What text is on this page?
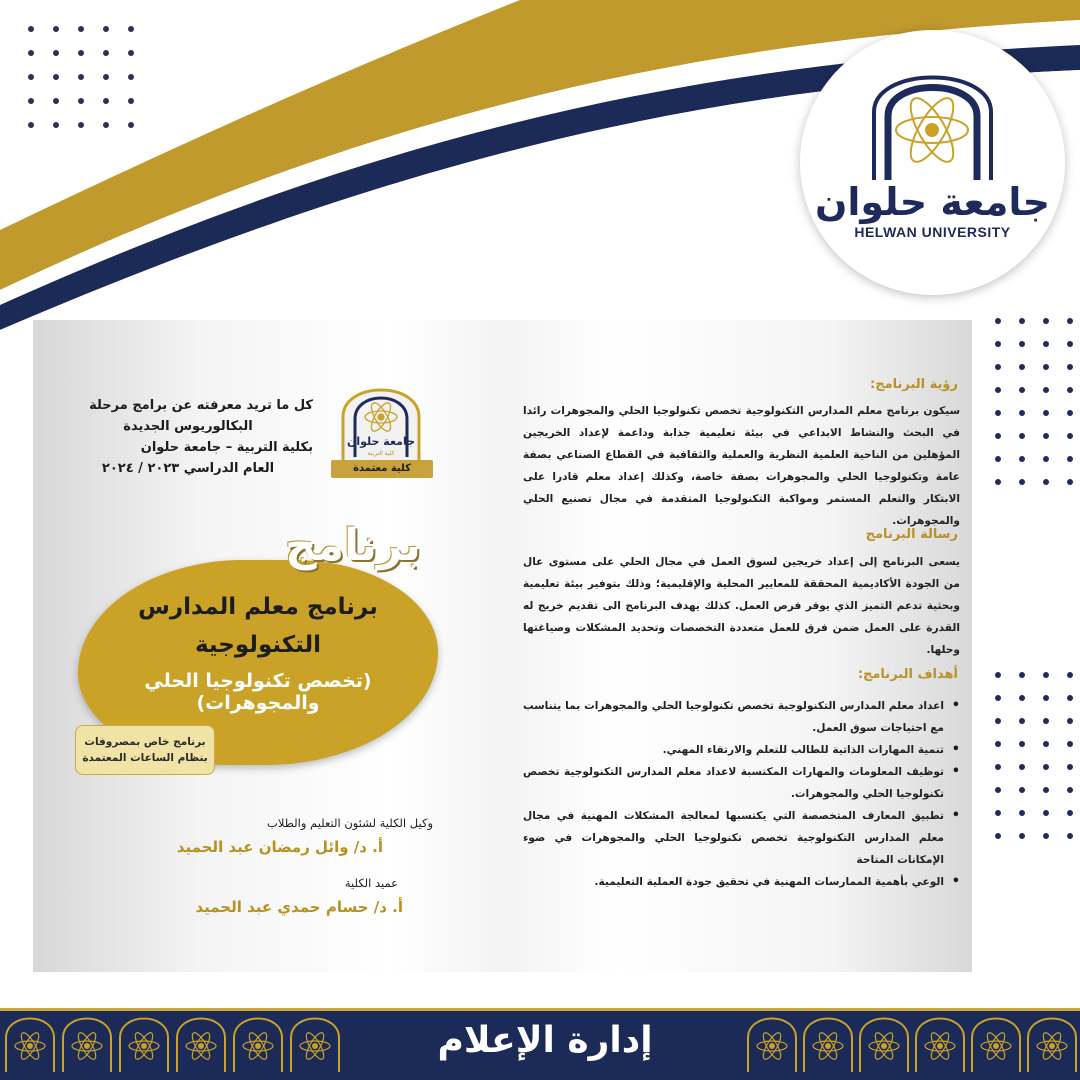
جامعة حلوان
HELWAN UNIVERSITY
كل ما تريد معرفته عن برامج مرحلة
البكالوريوس الجديدة
بكلية التربية – جامعة حلوان
العام الدراسي ٢٠٢٣ / ٢٠٢٤
جامعة حلوان
كلية التربية
كلية معتمدة
برنامج
برنامج معلم المدارس
التكنولوجية
(تخصص تكنولوجيا الحلي والمجوهرات)
برنامج خاص بمصروفات
بنظام الساعات المعتمدة
وكيل الكلية لشئون التعليم والطلاب
أ. د/ وائل رمضان عبد الحميد
عميد الكلية
أ. د/ حسام حمدي عبد الحميد
رؤية البرنامج:
سيكون برنامج معلم المدارس التكنولوجية تخصص تكنولوجيا الحلي والمجوهرات رائدا في البحث والنشاط الابداعي في بيئة تعليمية جذابة وداعمة لإعداد الخريجين المؤهلين من الناحية العلمية النظرية والعملية والثقافية في القطاع الصناعي بصفة عامة وتكنولوجيا الحلي والمجوهرات بصفة خاصة، وكذلك إعداد معلم قادرا على الابتكار والتعلم المستمر ومواكبة التكنولوجيا المتقدمة في مجال تصنيع الحلي والمجوهرات.
رسالة البرنامج
يسعى البرنامج إلى إعداد خريجين لسوق العمل في مجال الحلي على مستوى عال من الجودة الأكاديمية المحققة للمعايير المحلية والإقليمية؛ وذلك بتوفير بيئة تعليمية وبحثية تدعم التميز الذي يوفر فرص العمل. كذلك يهدف البرنامج الى تقديم خريج له القدرة على العمل ضمن فرق للعمل متعددة التخصصات وتحديد المشكلات وصياغتها وحلها.
أهداف البرنامج:
• اعداد معلم المدارس التكنولوجية تخصص تكنولوجيا الحلي والمجوهرات بما يتناسب مع احتياجات سوق العمل.
• تنمية المهارات الذاتية للطالب للتعلم والارتقاء المهني.
• توظيف المعلومات والمهارات المكتسبة لاعداد معلم المدارس التكنولوجية تخصص تكنولوجيا الحلي والمجوهرات.
• تطبيق المعارف المتخصصة التي يكتسبها لمعالجة المشكلات المهنية في مجال معلم المدارس التكنولوجية تخصص تكنولوجيا الحلي والمجوهرات في ضوء الإمكانات المتاحة
• الوعي بأهمية الممارسات المهنية في تحقيق جودة العملية التعليمية.
إدارة الإعلام
